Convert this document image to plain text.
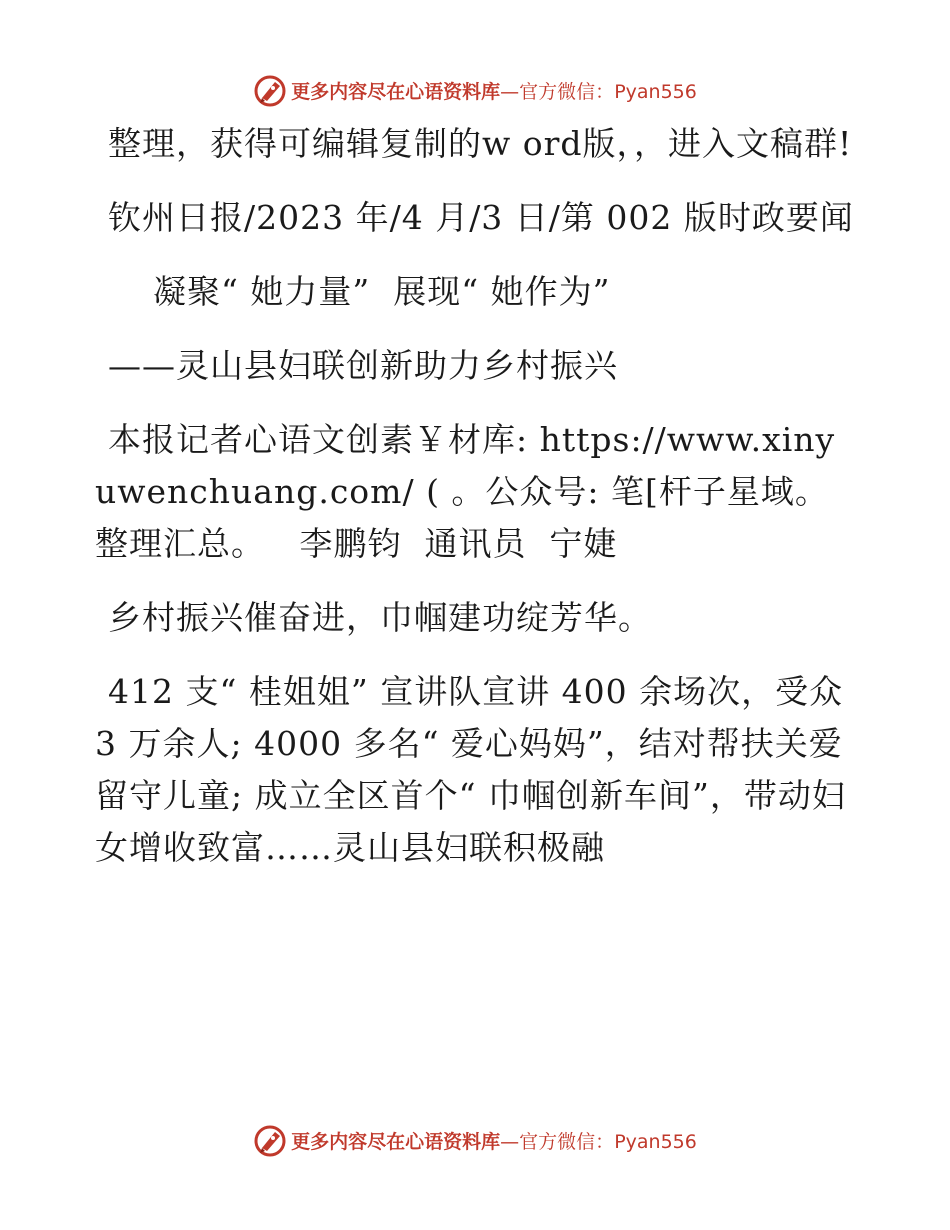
更多内容尽在心语资料库—官方微信：Pyan556

整理，获得可编辑复制的w ord版，，进入文稿群!

钦州日报/2023 年/4 月/3 日/第 002 版时政要闻

凝聚“ 她力量”  展现“ 她作为”

——灵山县妇联创新助力乡村振兴

本报记者心语文创素￥材库: https://www.xinyuwenchuang.com/ ( 。公众号: 笔[杆子星域。整理汇总。   李鹏钧  通讯员  宁婕

乡村振兴催奋进，巾帼建功绽芳华。

412 支“ 桂姐姐” 宣讲队宣讲 400 余场次，受众 3 万余人; 4000 多名“ 爱心妈妈”，结对帮扶关爱留守儿童; 成立全区首个“ 巾帼创新车间”，带动妇女增收致富……灵山县妇联积极融

更多内容尽在心语资料库—官方微信：Pyan556
